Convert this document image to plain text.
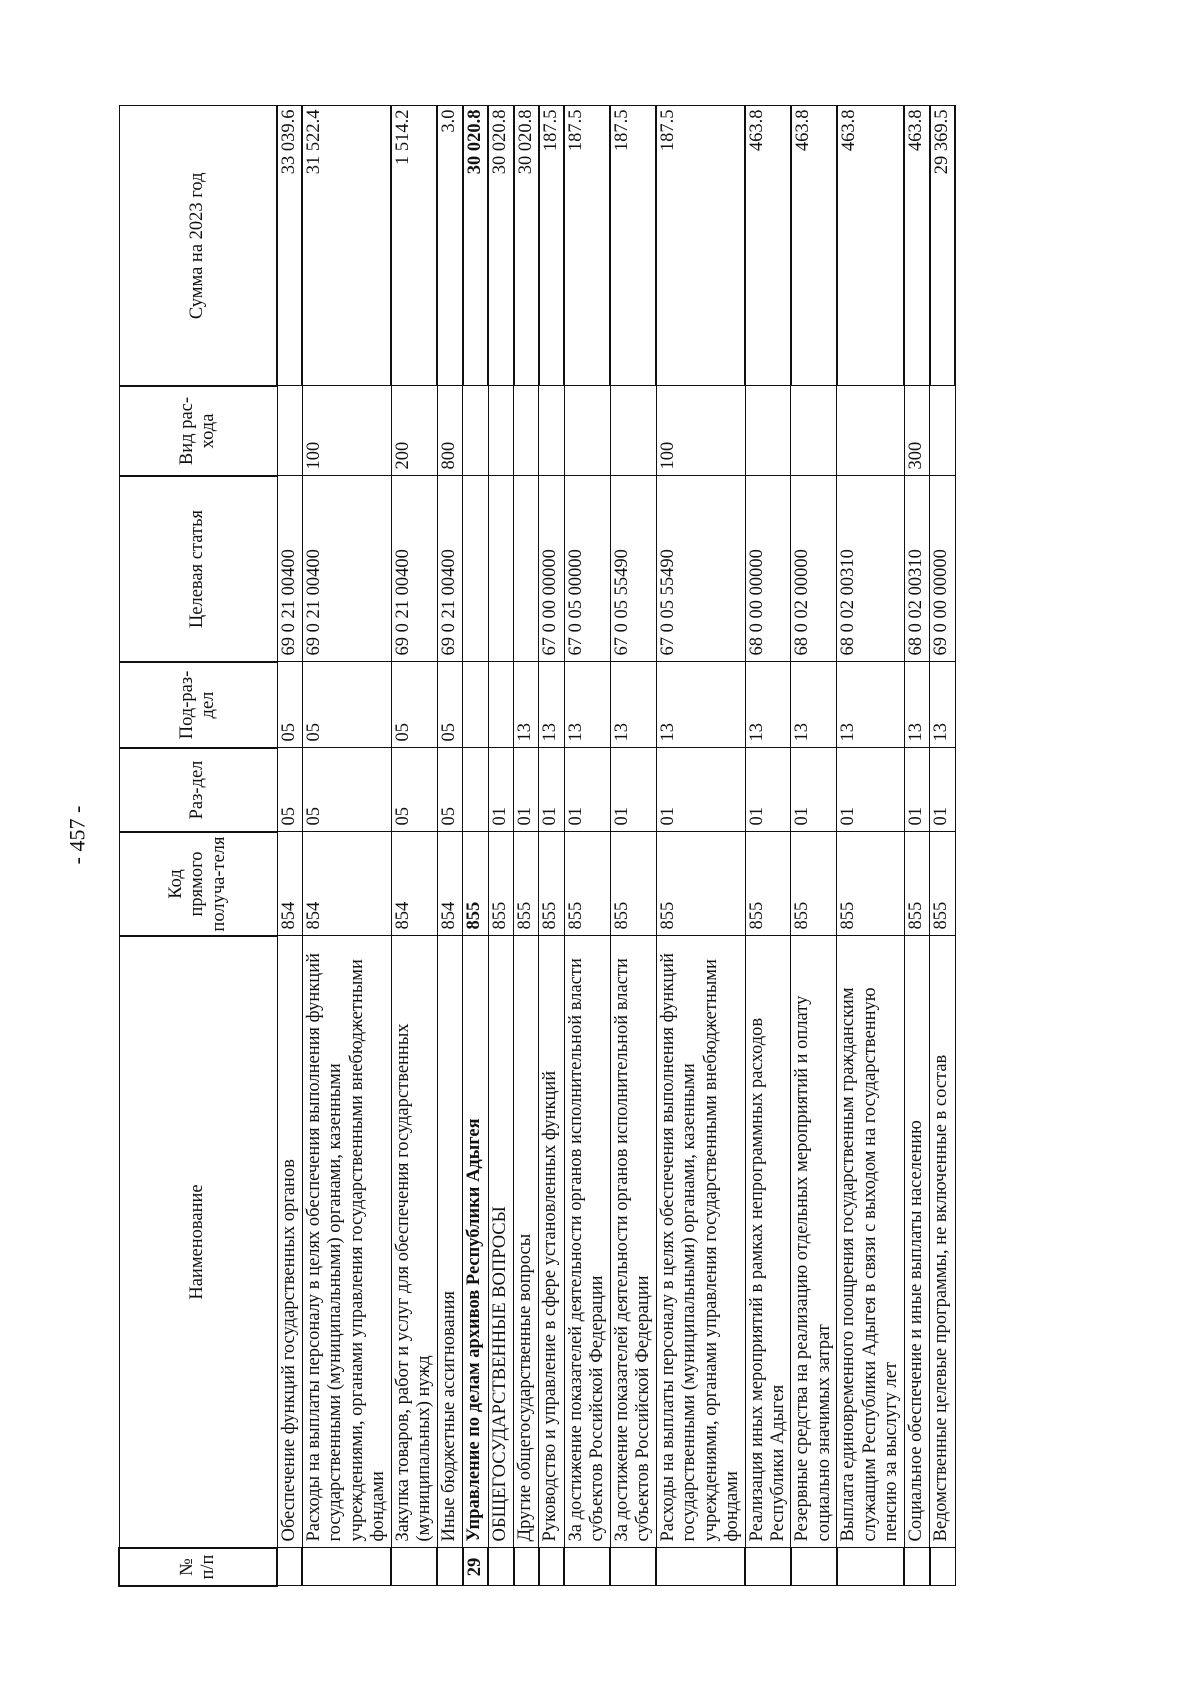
- 457 -
№ п/п	Наименование	Код прямого получа-теля	Раз-дел	Под-раз-дел	Целевая статья	Вид рас-хода	Сумма на 2023 год
	Обеспечение функций государственных органов	854	05	05	69 0 21 00400		33 039.6
	Расходы на выплаты персоналу в целях обеспечения выполнения функций государственными (муниципальными) органами, казенными учреждениями, органами управления государственными внебюджетными фондами	854	05	05	69 0 21 00400	100	31 522.4
	Закупка товаров, работ и услуг для обеспечения государственных (муниципальных) нужд	854	05	05	69 0 21 00400	200	1 514.2
	Иные бюджетные ассигнования	854	05	05	69 0 21 00400	800	3.0
29	Управление по делам архивов Республики Адыгея	855					30 020.8
	ОБЩЕГОСУДАРСТВЕННЫЕ ВОПРОСЫ	855	01				30 020.8
	Другие общегосударственные вопросы	855	01	13			30 020.8
	Руководство и управление в сфере установленных функций	855	01	13	67 0 00 00000		187.5
	За достижение показателей деятельности органов исполнительной власти субъектов Российской Федерации	855	01	13	67 0 05 00000		187.5
	За достижение показателей деятельности органов исполнительной власти субъектов Российской Федерации	855	01	13	67 0 05 55490		187.5
	Расходы на выплаты персоналу в целях обеспечения выполнения функций государственными (муниципальными) органами, казенными учреждениями, органами управления государственными внебюджетными фондами	855	01	13	67 0 05 55490	100	187.5
	Реализация иных мероприятий в рамках непрограммных расходов Республики Адыгея	855	01	13	68 0 00 00000		463.8
	Резервные средства на реализацию отдельных мероприятий и оплату социально значимых затрат	855	01	13	68 0 02 00000		463.8
	Выплата единовременного поощрения государственным гражданским служащим Республики Адыгея в связи с выходом на государственную пенсию за выслугу лет	855	01	13	68 0 02 00310		463.8
	Социальное обеспечение и иные выплаты населению	855	01	13	68 0 02 00310	300	463.8
	Ведомственные целевые программы, не включенные в состав	855	01	13	69 0 00 00000		29 369.5
